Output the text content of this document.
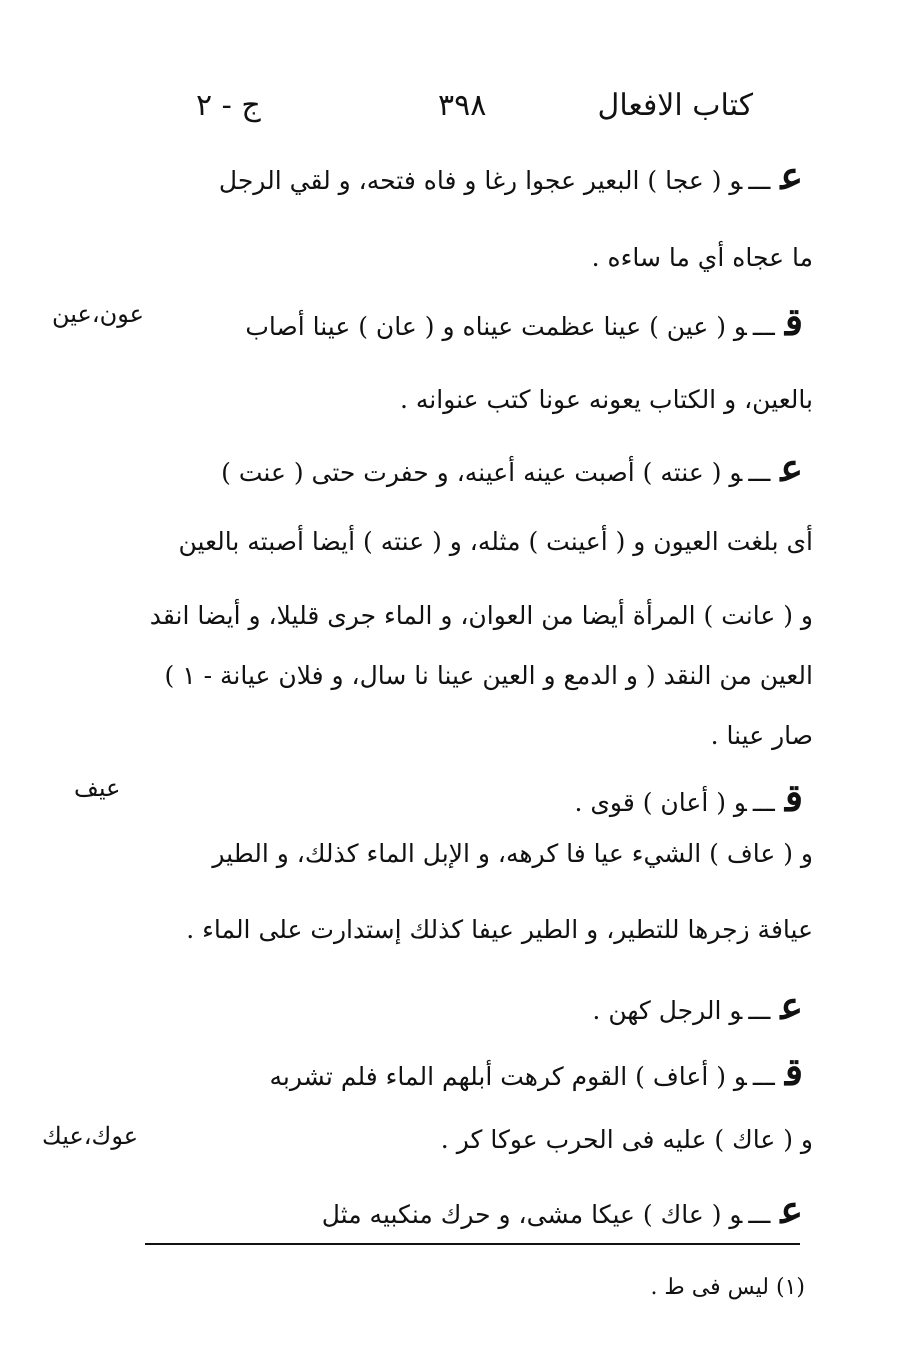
كتاب الافعال
٣٩٨
ج - ٢
عـــو ( عجا ) البعير عجوا رغا و فاه فتحه، و لقي الرجل
ما عجاه أي ما ساءه .
قـــو ( عين ) عينا عظمت عيناه و ( عان ) عينا أصاب
بالعين، و الكتاب يعونه عونا كتب عنوانه .
عـــو ( عنته ) أصبت عينه أعينه، و حفرت حتى ( عنت )
أى بلغت العيون و ( أعينت ) مثله، و ( عنته ) أيضا أصبته بالعين
و ( عانت ) المرأة أيضا من العوان، و الماء جرى قليلا، و أيضا انقد
العين من النقد ( و الدمع و العين عينا نا سال، و فلان عيانة - ١ )
صار عينا .
قـــو ( أعان ) قوى .
و ( عاف ) الشيء عيا فا كرهه، و الإبل الماء كذلك، و الطير
عيافة زجرها للتطير، و الطير عيفا كذلك إستدارت على الماء .
عـــو الرجل كهن .
قـــو ( أعاف ) القوم كرهت أبلهم الماء فلم تشربه
و ( عاك ) عليه فى الحرب عوكا كر .
عـــو ( عاك ) عيكا مشى، و حرك منكبيه مثل
عون،عين
عيف
عوك،عيك
(١) ليس فى ط .
